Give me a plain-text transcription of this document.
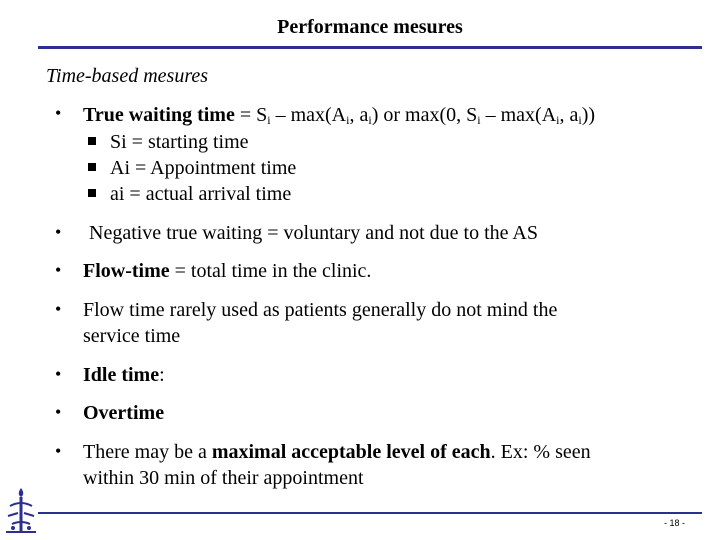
Performance mesures
Time-based mesures
• True waiting time = $S_i - \max(A_i$, $a_i$) or max(0, $S_i - \max(A_i$, $a_i$))
Si = starting time
Ai = Appointment time
ai = actual arrival time
• Negative true waiting = voluntary and not due to the AS
• Flow-time = total time in the clinic.
• Flow time rarely used as patients generally do not mind the
service time
• Idle time:
• Overtime
• There may be a maximal acceptable level of each. Ex: % seen
within 30 min of their appointment
- 18 -
